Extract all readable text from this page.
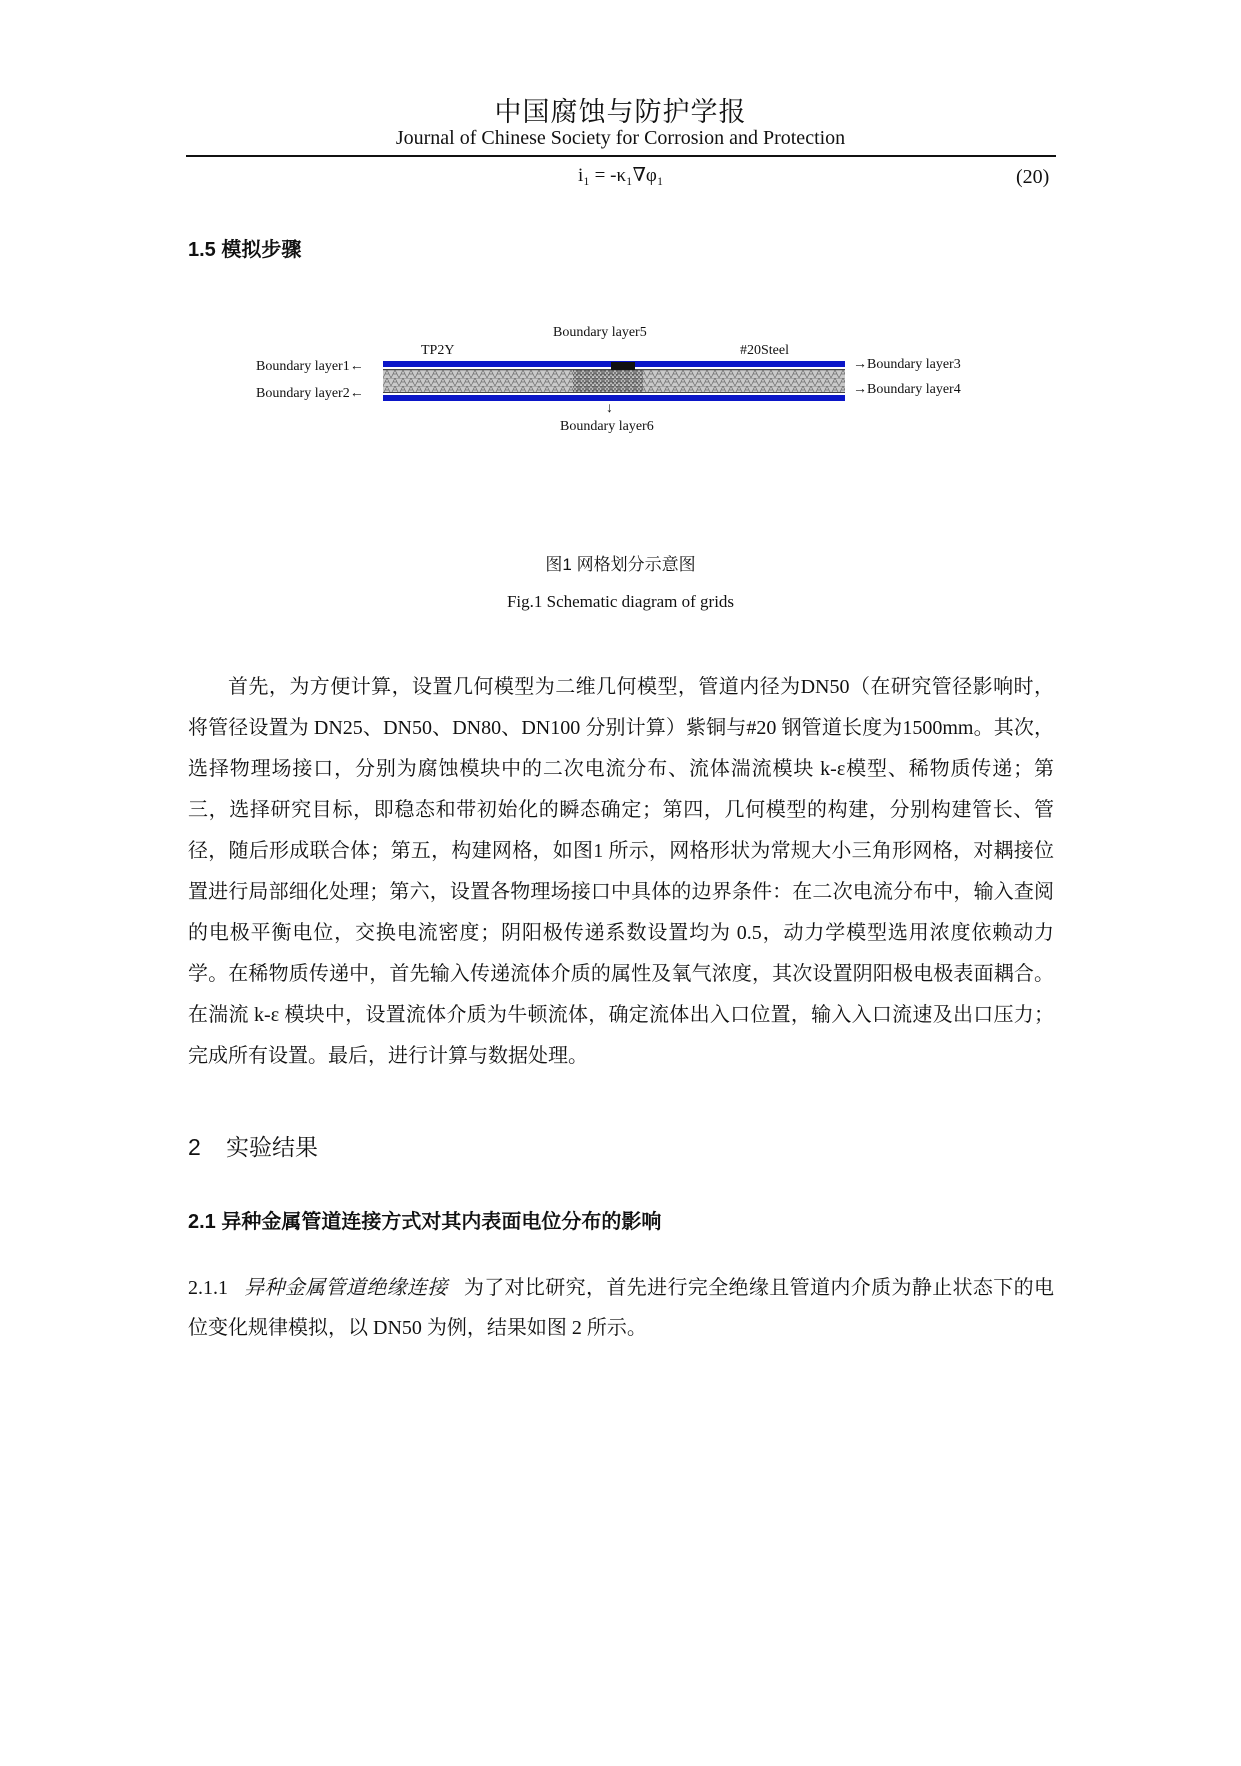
中国腐蚀与防护学报
Journal of Chinese Society for Corrosion and Protection
i₁ = -κ₁∇φ₁	(20)
1.5 模拟步骤
Boundary layer5
TP2Y	#20Steel
Boundary layer1←
Boundary layer2←
→Boundary layer3
→Boundary layer4
↓
Boundary layer6
图1 网格划分示意图
Fig.1 Schematic diagram of grids

首先，为方便计算，设置几何模型为二维几何模型，管道内径为DN50（在研究管径影响时，将管径设置为 DN25、DN50、DN80、DN100 分别计算）紫铜与#20 钢管道长度为1500mm。其次，选择物理场接口，分别为腐蚀模块中的二次电流分布、流体湍流模块 k-ε模型、稀物质传递；第三，选择研究目标，即稳态和带初始化的瞬态确定；第四，几何模型的构建，分别构建管长、管径，随后形成联合体；第五，构建网格，如图1 所示，网格形状为常规大小三角形网格，对耦接位置进行局部细化处理；第六，设置各物理场接口中具体的边界条件：在二次电流分布中，输入查阅的电极平衡电位，交换电流密度；阴阳极传递系数设置均为 0.5，动力学模型选用浓度依赖动力学。在稀物质传递中，首先输入传递流体介质的属性及氧气浓度，其次设置阴阳极电极表面耦合。在湍流 k-ε 模块中，设置流体介质为牛顿流体，确定流体出入口位置，输入入口流速及出口压力；完成所有设置。最后，进行计算与数据处理。

2 实验结果
2.1 异种金属管道连接方式对其内表面电位分布的影响

2.1.1 异种金属管道绝缘连接 为了对比研究，首先进行完全绝缘且管道内介质为静止状态下的电位变化规律模拟，以 DN50 为例，结果如图 2 所示。
